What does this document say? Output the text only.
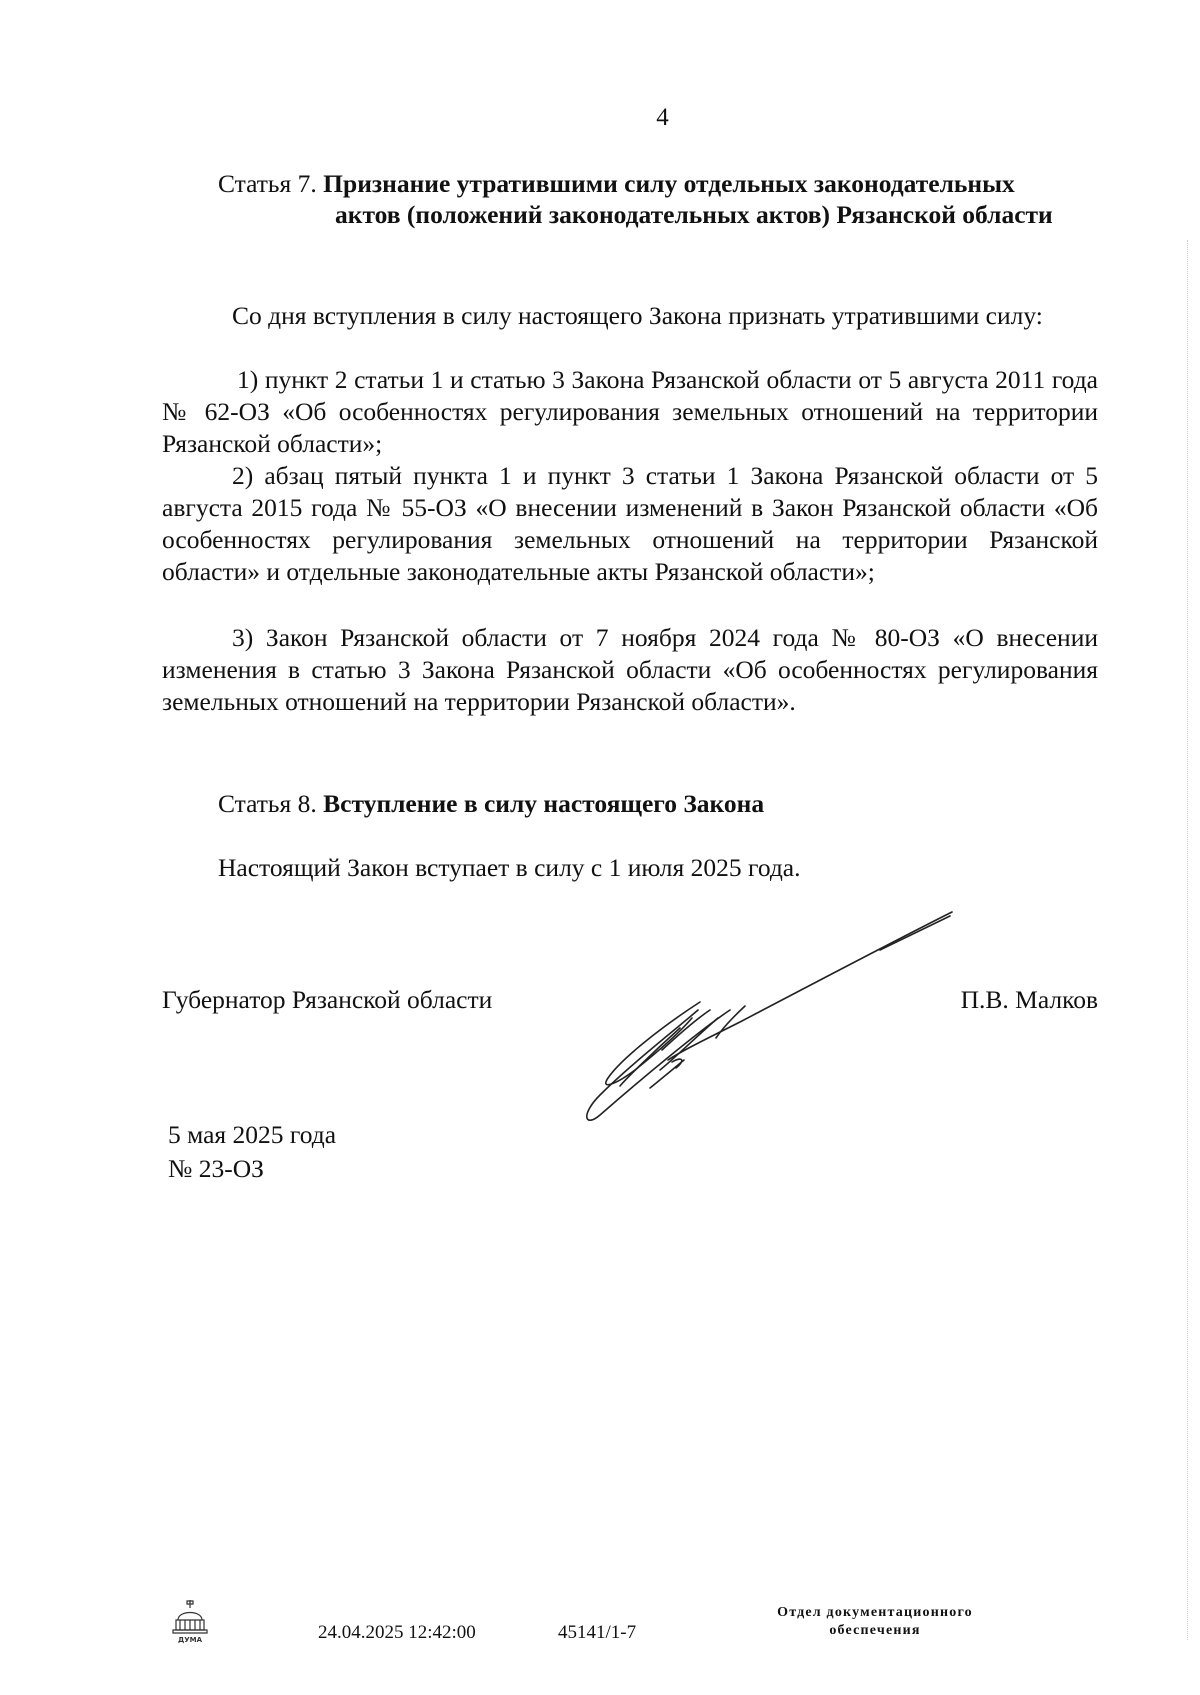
4
Статья 7. Признание утратившими силу отдельных законодательных
актов (положений законодательных актов) Рязанской области

Со дня вступления в силу настоящего Закона признать утратившими силу:

1) пункт 2 статьи 1 и статью 3 Закона Рязанской области от 5 августа 2011 года № 62-ОЗ «Об особенностях регулирования земельных отношений на территории Рязанской области»;

2) абзац пятый пункта 1 и пункт 3 статьи 1 Закона Рязанской области от 5 августа 2015 года № 55-ОЗ «О внесении изменений в Закон Рязанской области «Об особенностях регулирования земельных отношений на территории Рязанской области» и отдельные законодательные акты Рязанской области»;

3) Закон Рязанской области от 7 ноября 2024 года № 80-ОЗ «О внесении изменения в статью 3 Закона Рязанской области «Об особенностях регулирования земельных отношений на территории Рязанской области».

Статья 8. Вступление в силу настоящего Закона

Настоящий Закон вступает в силу с 1 июля 2025 года.

Губернатор Рязанской области	П.В. Малков
5 мая 2025 года
№ 23-ОЗ
ДУМА	24.04.2025 12:42:00	45141/1-7
Отдел документационного
обеспечения
